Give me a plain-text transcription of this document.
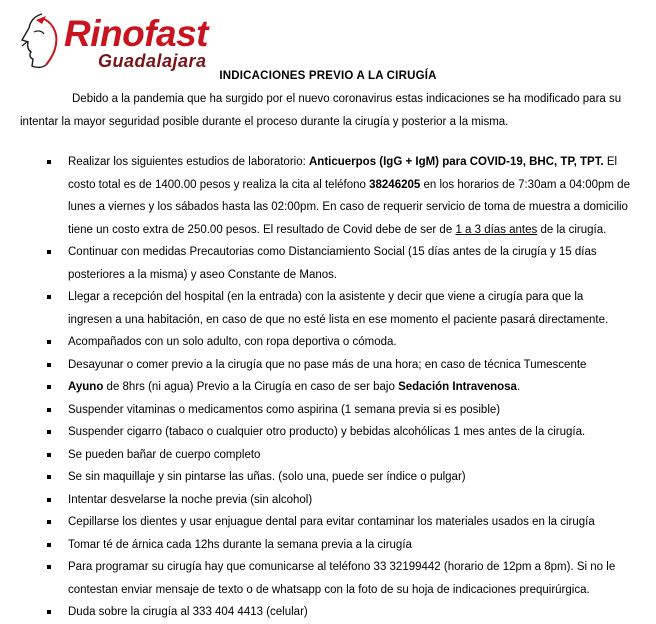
Rinofast
Guadalajara
INDICACIONES PREVIO A LA CIRUGÍA
Debido a la pandemia que ha surgido por el nuevo coronavirus estas indicaciones se ha modificado para su intentar la mayor seguridad posible durante el proceso durante la cirugía y posterior a la misma.
Realizar los siguientes estudios de laboratorio: Anticuerpos (IgG + IgM) para COVID-19, BHC, TP, TPT. El costo total es de 1400.00 pesos y realiza la cita al teléfono 38246205 en los horarios de 7:30am a 04:00pm de lunes a viernes y los sábados hasta las 02:00pm. En caso de requerir servicio de toma de muestra a domicilio tiene un costo extra de 250.00 pesos. El resultado de Covid debe de ser de 1 a 3 días antes de la cirugía.
Continuar con medidas Precautorias como Distanciamiento Social (15 días antes de la cirugía y 15 días posteriores a la misma) y aseo Constante de Manos.
Llegar a recepción del hospital (en la entrada) con la asistente y decir que viene a cirugía para que la ingresen a una habitación, en caso de que no esté lista en ese momento el paciente pasará directamente.
Acompañados con un solo adulto, con ropa deportiva o cómoda.
Desayunar o comer previo a la cirugía que no pase más de una hora; en caso de técnica Tumescente
Ayuno de 8hrs (ni agua) Previo a la Cirugía en caso de ser bajo Sedación Intravenosa.
Suspender vitaminas o medicamentos como aspirina (1 semana previa si es posible)
Suspender cigarro (tabaco o cualquier otro producto) y bebidas alcohólicas 1 mes antes de la cirugía.
Se pueden bañar de cuerpo completo
Se sin maquillaje y sin pintarse las uñas. (solo una, puede ser índice o pulgar)
Intentar desvelarse la noche previa (sin alcohol)
Cepillarse los dientes y usar enjuague dental para evitar contaminar los materiales usados en la cirugía
Tomar té de árnica cada 12hs durante la semana previa a la cirugía
Para programar su cirugía hay que comunicarse al teléfono 33 32199442 (horario de 12pm a 8pm). Si no le contestan enviar mensaje de texto o de whatsapp con la foto de su hoja de indicaciones prequirúrgica.
Duda sobre la cirugía al 333 404 4413 (celular)
